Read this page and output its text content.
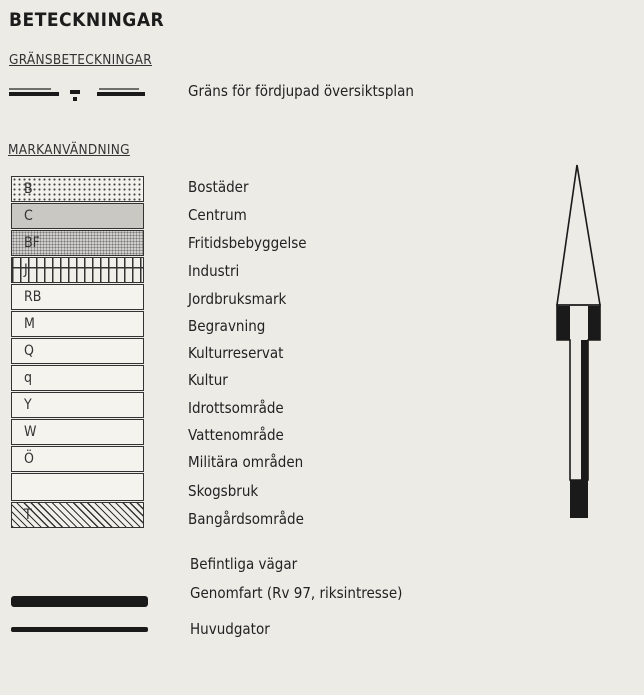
BETECKNINGAR
GRÄNSBETECKNINGAR
Gräns för fördjupad översiktsplan
MARKANVÄNDNING
B	Bostäder
C	Centrum
BF	Fritidsbebyggelse
J	Industri
RB	Jordbruksmark
M	Begravning
Q	Kulturreservat
q	Kultur
Y	Idrottsområde
W	Vattenområde
Ö	Militära områden
Skogsbruk
T	Bangårdsområde
Befintliga vägar
Genomfart (Rv 97, riksintresse)
Huvudgator
